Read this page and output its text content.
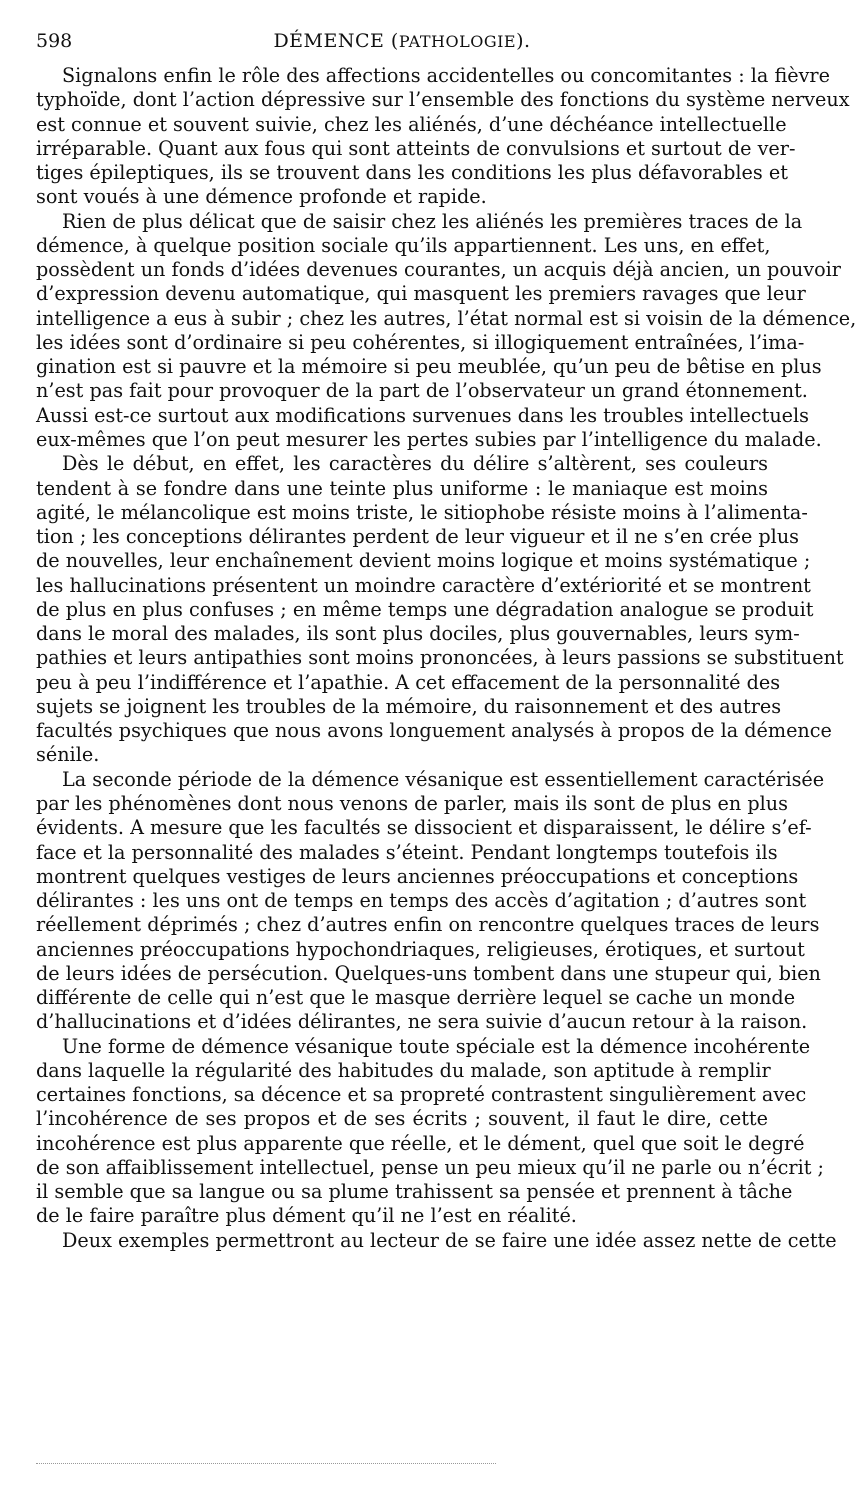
598	DÉMENCE (PATHOLOGIE).
Signalons enfin le rôle des affections accidentelles ou concomitantes : la fièvre
typhoïde, dont l’action dépressive sur l’ensemble des fonctions du système nerveux
est connue et souvent suivie, chez les aliénés, d’une déchéance intellectuelle
irréparable. Quant aux fous qui sont atteints de convulsions et surtout de ver-
tiges épileptiques, ils se trouvent dans les conditions les plus défavorables et
sont voués à une démence profonde et rapide.
Rien de plus délicat que de saisir chez les aliénés les premières traces de la
démence, à quelque position sociale qu’ils appartiennent. Les uns, en effet,
possèdent un fonds d’idées devenues courantes, un acquis déjà ancien, un pouvoir
d’expression devenu automatique, qui masquent les premiers ravages que leur
intelligence a eus à subir ; chez les autres, l’état normal est si voisin de la démence,
les idées sont d’ordinaire si peu cohérentes, si illogiquement entraînées, l’ima-
gination est si pauvre et la mémoire si peu meublée, qu’un peu de bêtise en plus
n’est pas fait pour provoquer de la part de l’observateur un grand étonnement.
Aussi est-ce surtout aux modifications survenues dans les troubles intellectuels
eux-mêmes que l’on peut mesurer les pertes subies par l’intelligence du malade.
Dès le début, en effet, les caractères du délire s’altèrent, ses couleurs
tendent à se fondre dans une teinte plus uniforme : le maniaque est moins
agité, le mélancolique est moins triste, le sitiophobe résiste moins à l’alimenta-
tion ; les conceptions délirantes perdent de leur vigueur et il ne s’en crée plus
de nouvelles, leur enchaînement devient moins logique et moins systématique ;
les hallucinations présentent un moindre caractère d’extériorité et se montrent
de plus en plus confuses ; en même temps une dégradation analogue se produit
dans le moral des malades, ils sont plus dociles, plus gouvernables, leurs sym-
pathies et leurs antipathies sont moins prononcées, à leurs passions se substituent
peu à peu l’indifférence et l’apathie. A cet effacement de la personnalité des
sujets se joignent les troubles de la mémoire, du raisonnement et des autres
facultés psychiques que nous avons longuement analysés à propos de la démence
sénile.
La seconde période de la démence vésanique est essentiellement caractérisée
par les phénomènes dont nous venons de parler, mais ils sont de plus en plus
évidents. A mesure que les facultés se dissocient et disparaissent, le délire s’ef-
face et la personnalité des malades s’éteint. Pendant longtemps toutefois ils
montrent quelques vestiges de leurs anciennes préoccupations et conceptions
délirantes : les uns ont de temps en temps des accès d’agitation ; d’autres sont
réellement déprimés ; chez d’autres enfin on rencontre quelques traces de leurs
anciennes préoccupations hypochondriaques, religieuses, érotiques, et surtout
de leurs idées de persécution. Quelques-uns tombent dans une stupeur qui, bien
différente de celle qui n’est que le masque derrière lequel se cache un monde
d’hallucinations et d’idées délirantes, ne sera suivie d’aucun retour à la raison.
Une forme de démence vésanique toute spéciale est la démence incohérente
dans laquelle la régularité des habitudes du malade, son aptitude à remplir
certaines fonctions, sa décence et sa propreté contrastent singulièrement avec
l’incohérence de ses propos et de ses écrits ; souvent, il faut le dire, cette
incohérence est plus apparente que réelle, et le dément, quel que soit le degré
de son affaiblissement intellectuel, pense un peu mieux qu’il ne parle ou n’écrit ;
il semble que sa langue ou sa plume trahissent sa pensée et prennent à tâche
de le faire paraître plus dément qu’il ne l’est en réalité.
Deux exemples permettront au lecteur de se faire une idée assez nette de cette
